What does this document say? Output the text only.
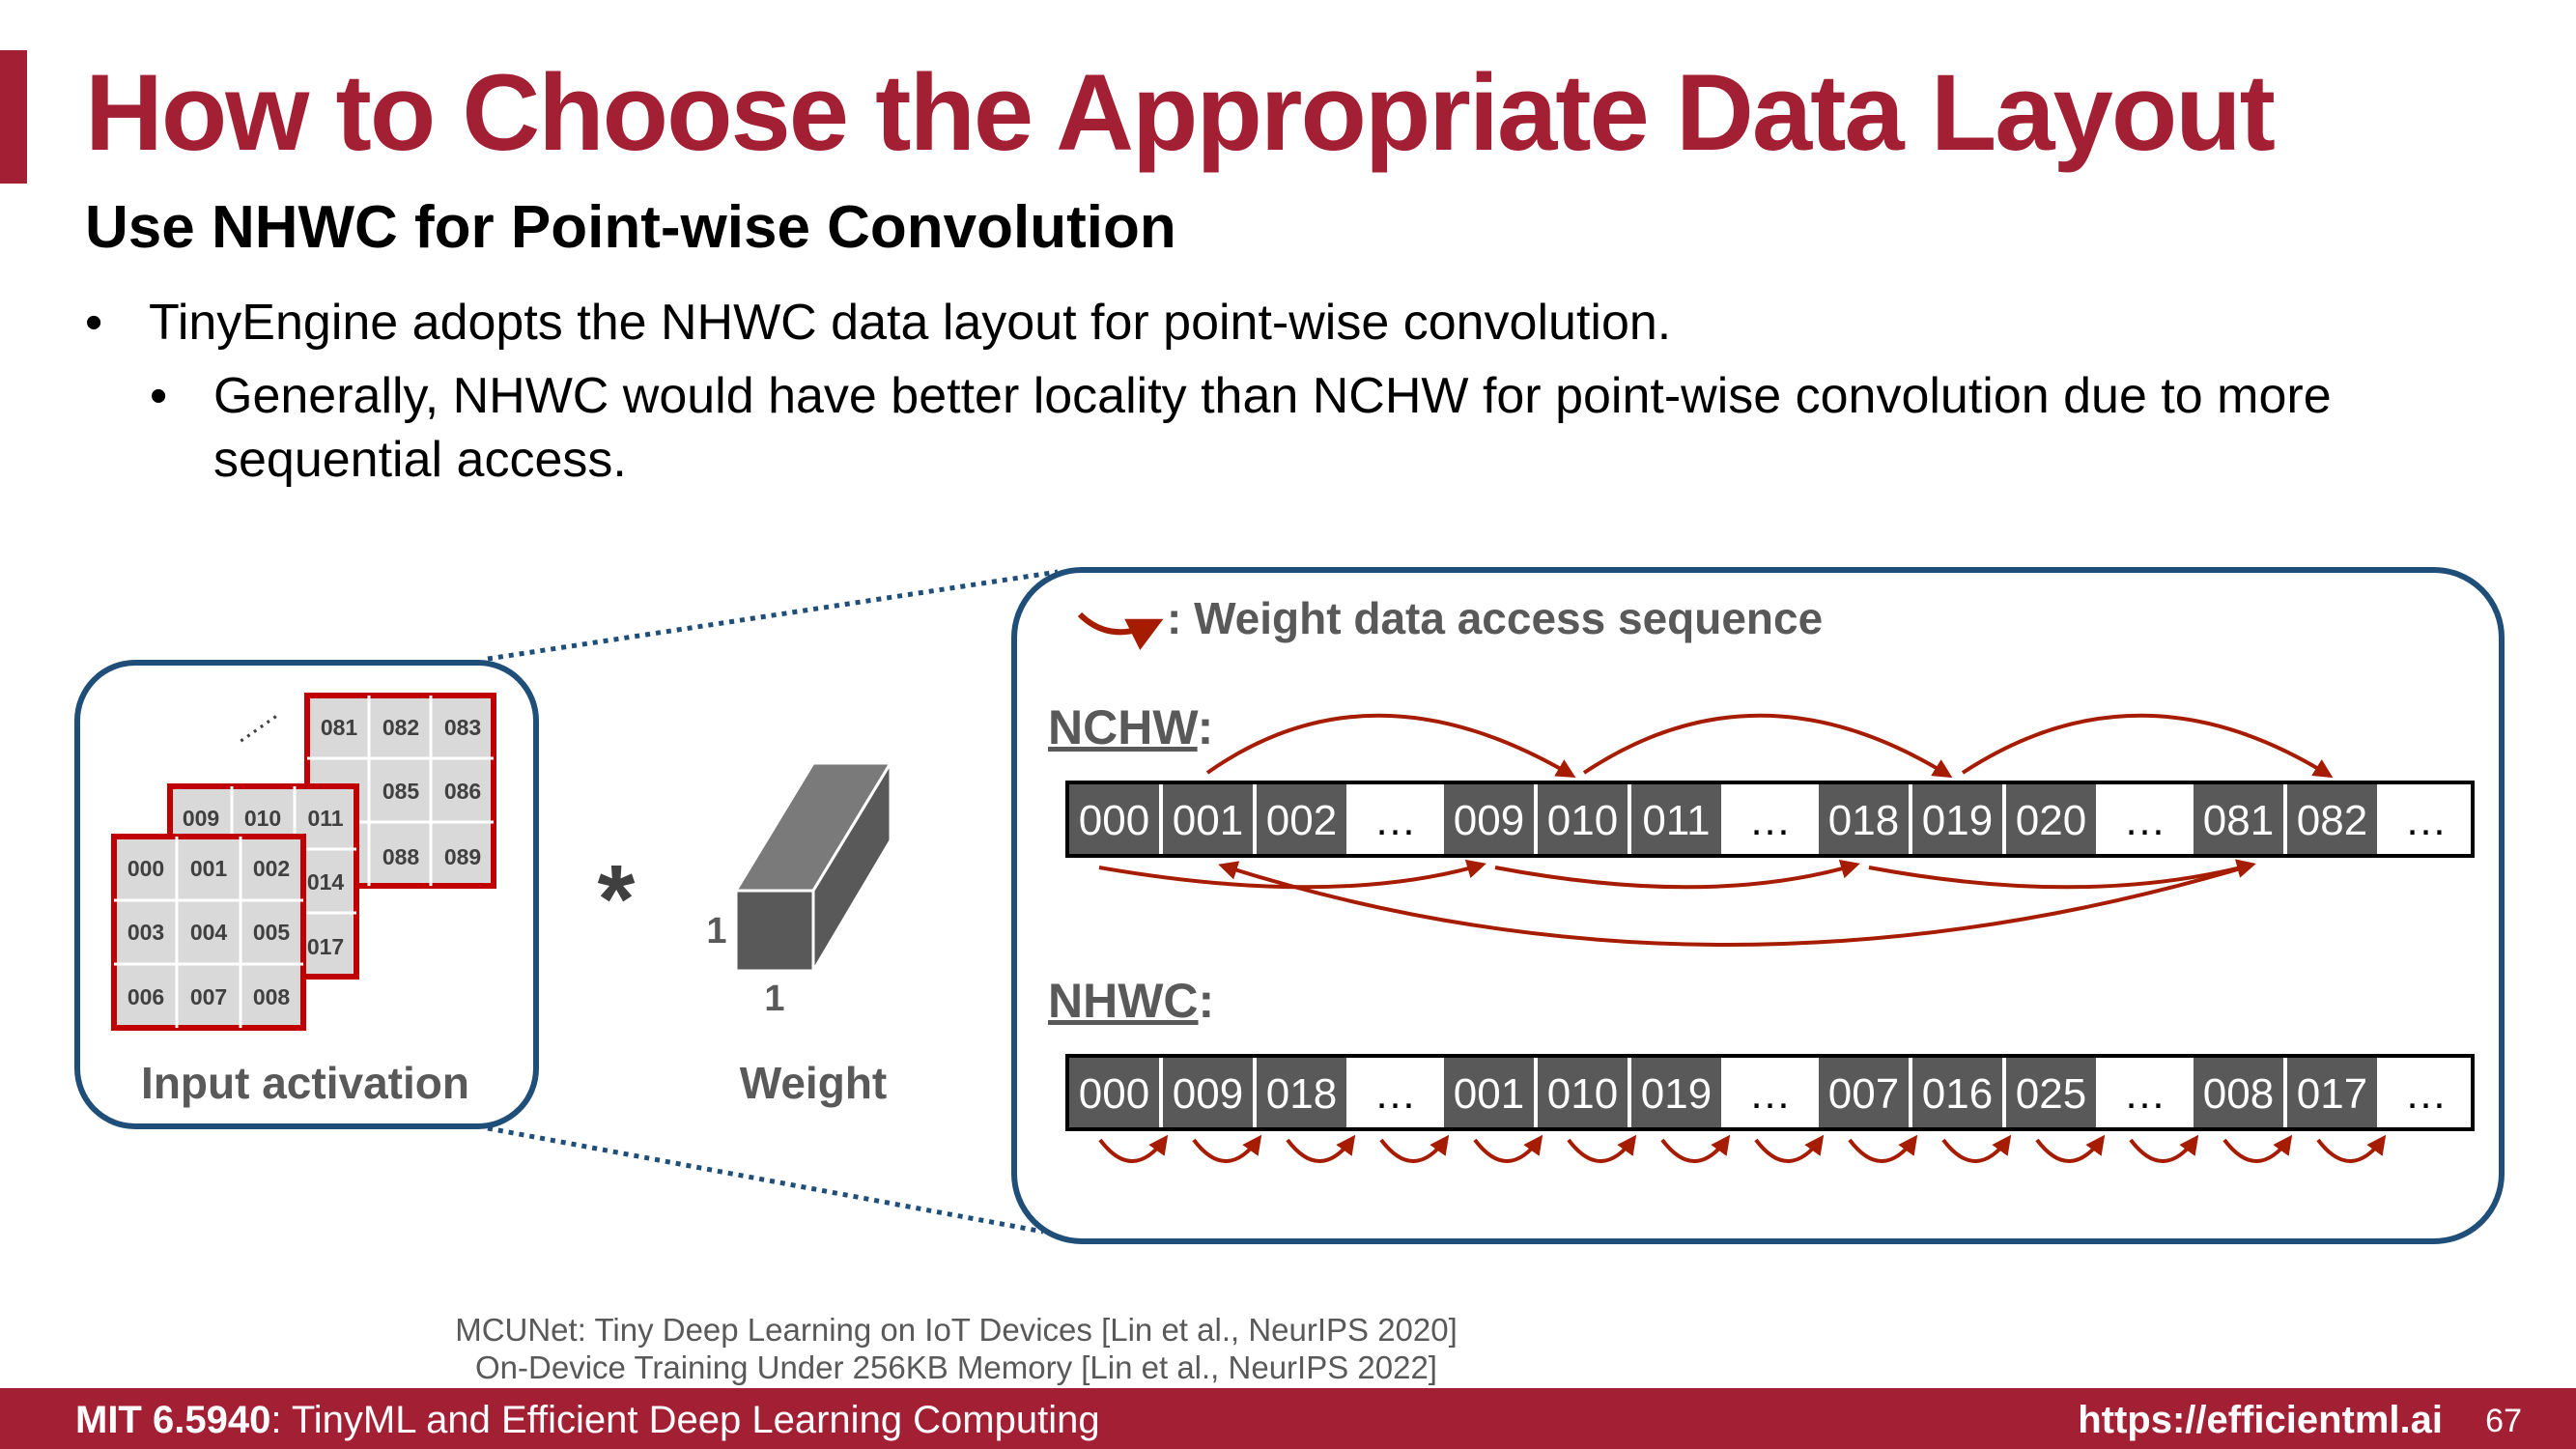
How to Choose the Appropriate Data Layout
Use NHWC for Point-wise Convolution
• TinyEngine adopts the NHWC data layout for point-wise convolution.
• Generally, NHWC would have better locality than NCHW for point-wise convolution due to more sequential access.
081 082 083
085 086
088 089
......
009 010 011
014
017
000 001 002
003 004 005
006 007 008
Input activation
* 1
1
Weight
: Weight data access sequence
NCHW:
000 001 002 … 009 010 011 … 018 019 020 … 081 082 …
NHWC:
000 009 018 … 001 010 019 … 007 016 025 … 008 017 …
MCUNet: Tiny Deep Learning on IoT Devices [Lin et al., NeurIPS 2020]
On-Device Training Under 256KB Memory [Lin et al., NeurIPS 2022]
MIT 6.5940: TinyML and Efficient Deep Learning Computing	https://efficientml.ai 67
